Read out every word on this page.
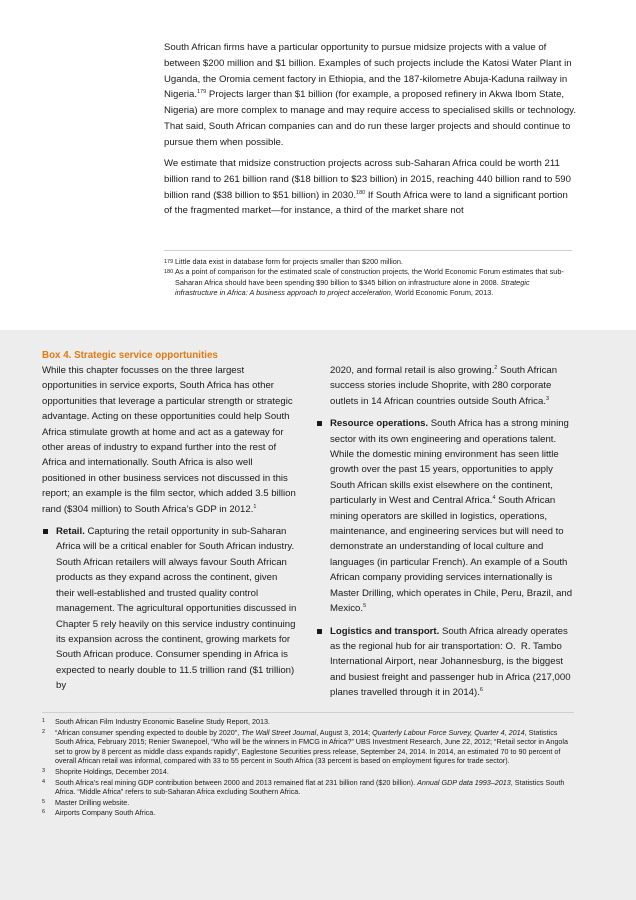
South African firms have a particular opportunity to pursue midsize projects with a value of between $200 million and $1 billion. Examples of such projects include the Katosi Water Plant in Uganda, the Oromia cement factory in Ethiopia, and the 187-kilometre Abuja-Kaduna railway in Nigeria.$^{179}$ Projects larger than $1 billion (for example, a proposed refinery in Akwa Ibom State, Nigeria) are more complex to manage and may require access to specialised skills or technology. That said, South African companies can and do run these larger projects and should continue to pursue them when possible.

We estimate that midsize construction projects across sub-Saharan Africa could be worth 211 billion rand to 261 billion rand ($18 billion to $23 billion) in 2015, reaching 440 billion rand to 590 billion rand ($38 billion to $51 billion) in 2030.$^{180}$ If South Africa were to land a significant portion of the fragmented market—for instance, a third of the market share not

179 Little data exist in database form for projects smaller than $200 million.
180 As a point of comparison for the estimated scale of construction projects, the World Economic Forum estimates that sub-Saharan Africa should have been spending $90 billion to $345 billion on infrastructure alone in 2008. Strategic infrastructure in Africa: A business approach to project acceleration, World Economic Forum, 2013.
Box 4. Strategic service opportunities

While this chapter focusses on the three largest opportunities in service exports, South Africa has other opportunities that leverage a particular strength or strategic advantage. Acting on these opportunities could help South Africa stimulate growth at home and act as a gateway for other areas of industry to expand further into the rest of Africa and internationally. South Africa is also well positioned in other business services not discussed in this report; an example is the film sector, which added 3.5 billion rand ($304 million) to South Africa’s GDP in 2012.$^1$

Retail. Capturing the retail opportunity in sub-Saharan Africa will be a critical enabler for South African industry. South African retailers will always favour South African products as they expand across the continent, given their well-established and trusted quality control management. The agricultural opportunities discussed in Chapter 5 rely heavily on this service industry continuing its expansion across the continent, growing markets for South African produce. Consumer spending in Africa is expected to nearly double to 11.5 trillion rand ($1 trillion) by

2020, and formal retail is also growing.$^2$ South African success stories include Shoprite, with 280 corporate outlets in 14 African countries outside South Africa.$^3$

Resource operations. South Africa has a strong mining sector with its own engineering and operations talent. While the domestic mining environment has seen little growth over the past 15 years, opportunities to apply South African skills exist elsewhere on the continent, particularly in West and Central Africa.$^4$ South African mining operators are skilled in logistics, operations, maintenance, and engineering services but will need to demonstrate an understanding of local culture and languages (in particular French). An example of a South African company providing services internationally is Master Drilling, which operates in Chile, Peru, Brazil, and Mexico.$^5$
Logistics and transport. South Africa already operates as the regional hub for air transportation: O.  R. Tambo International Airport, near Johannesburg, is the biggest and busiest freight and passenger hub in Africa (217,000 planes travelled through it in 2014).$^6$
1	South African Film Industry Economic Baseline Study Report, 2013.
2	“African consumer spending expected to double by 2020”, The Wall Street Journal, August 3, 2014; Quarterly Labour Force Survey, Quarter 4, 2014, Statistics South Africa, February 2015; Renier Swanepoel, “Who will be the winners in FMCG in Africa?” UBS Investment Research, June 22, 2012; “Retail sector in Angola set to grow by 8 percent as middle class expands rapidly”, Eaglestone Securities press release, September 24, 2014. In 2014, an estimated 70 to 90 percent of overall African retail was informal, compared with 33 to 55 percent in South Africa (33 percent is based on employment figures for trade sector).
3	Shoprite Holdings, December 2014.
4	South Africa’s real mining GDP contribution between 2000 and 2013 remained flat at 231 billion rand ($20 billion). Annual GDP data 1993–2013, Statistics South Africa. “Middle Africa” refers to sub-Saharan Africa excluding Southern Africa.
5	Master Drilling website.
6	Airports Company South Africa.
